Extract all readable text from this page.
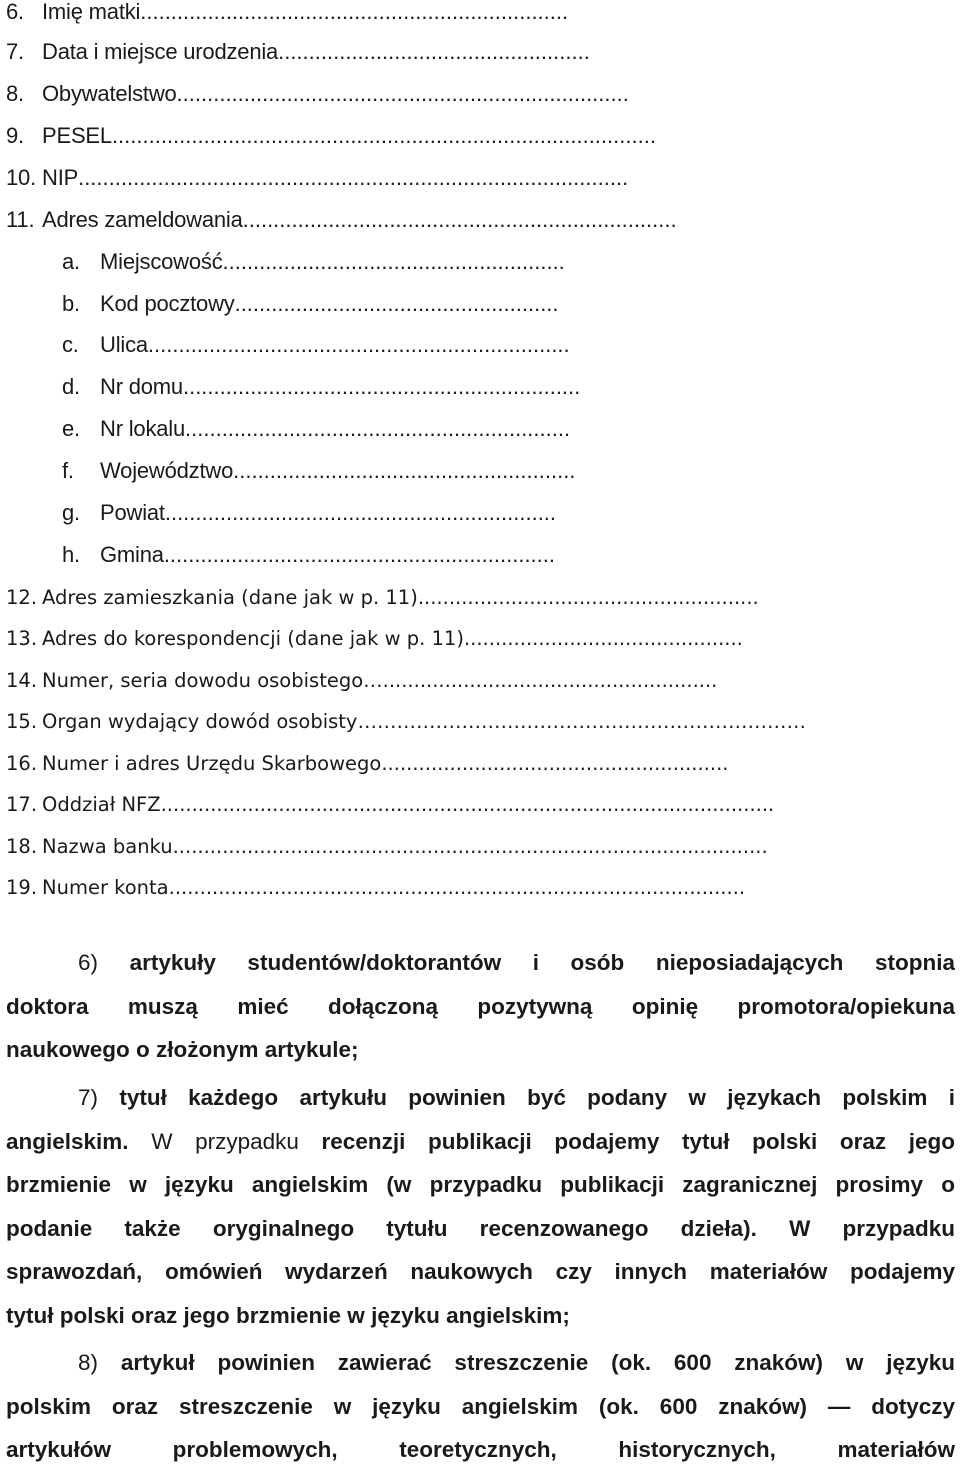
6. Imię matki ......................................................................
7. Data i miejsce urodzenia ...................................................
8. Obywatelstwo ..........................................................................
9. PESEL .........................................................................................
10. NIP ..........................................................................................
11. Adres zameldowania .......................................................................
a. Miejscowość ........................................................
b. Kod pocztowy .....................................................
c. Ulica .....................................................................
d. Nr domu .................................................................
e. Nr lokalu ...............................................................
f.	Województwo ........................................................
g. Powiat ................................................................
h. Gmina ................................................................
12. Adres zamieszkania (dane jak w p. 11) .......................................................
13. Adres do korespondencji (dane jak w p. 11) .............................................
14. Numer, seria dowodu osobistego …......................................................
15. Organ wydający dowód osobisty ……………………………………………………………
16. Numer i adres Urzędu Skarbowego ........................................................
17. Oddział NFZ ...................................................................................................
18. Nazwa banku ................................................................................................
19. Numer konta .............................................................................................
6) artykuły studentów/doktorantów i osób nieposiadających stopnia
doktora muszą mieć dołączoną pozytywną opinię promotora/opiekuna
naukowego o złożonym artykule;
7) tytuł każdego artykułu powinien być podany w językach polskim i
angielskim. W przypadku recenzji publikacji podajemy tytuł polski oraz jego
brzmienie w języku angielskim (w przypadku publikacji zagranicznej prosimy o
podanie także oryginalnego tytułu recenzowanego dzieła). W przypadku
sprawozdań, omówień wydarzeń naukowych czy innych materiałów podajemy
tytuł polski oraz jego brzmienie w języku angielskim;
8) artykuł powinien zawierać streszczenie (ok. 600 znaków) w języku
polskim oraz streszczenie w języku angielskim (ok. 600 znaków) — dotyczy
artykułów problemowych, teoretycznych, historycznych, materiałów
